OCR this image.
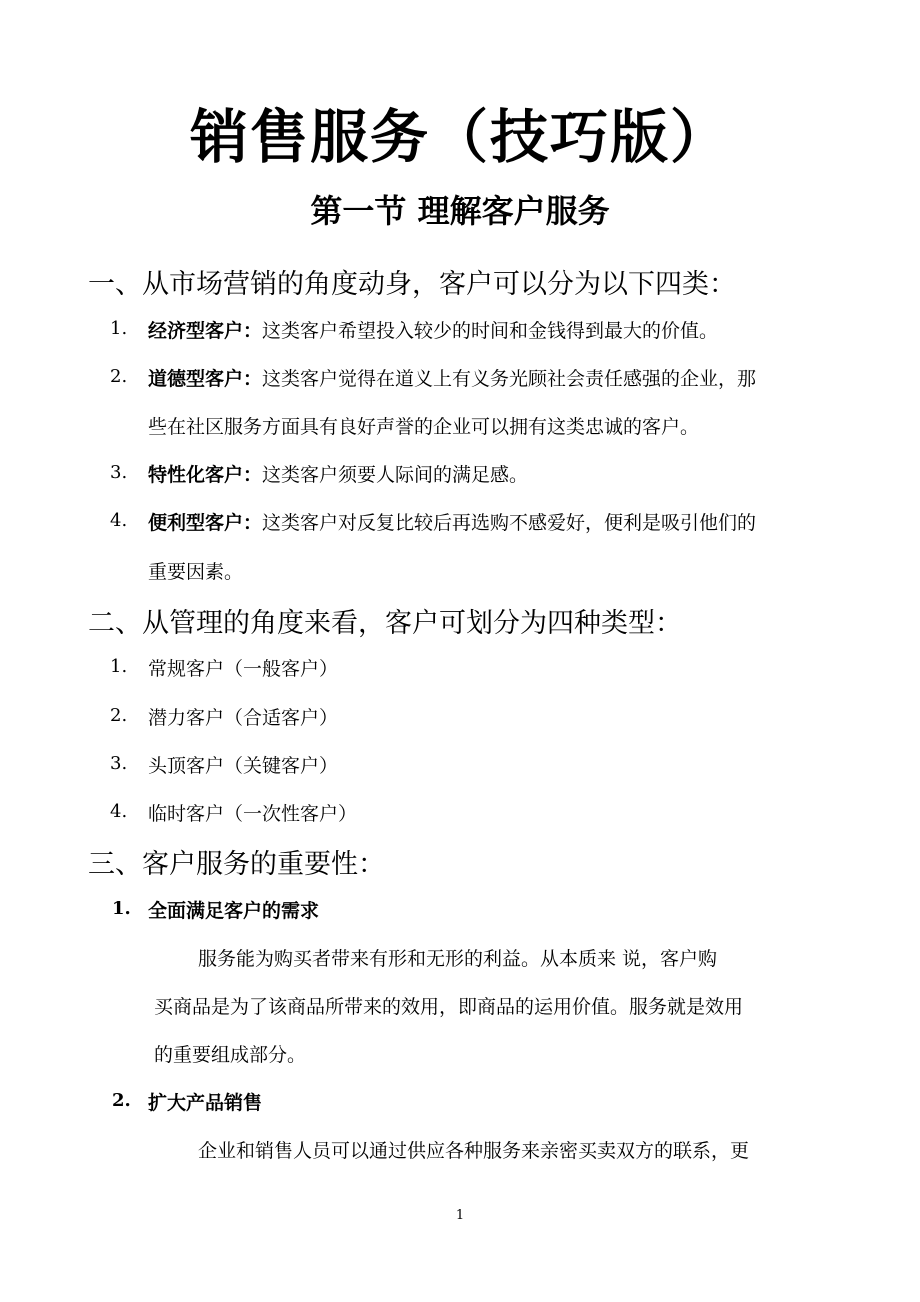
销售服务（技巧版）
第一节 理解客户服务
一、从市场营销的角度动身，客户可以分为以下四类：
1. 经济型客户：这类客户希望投入较少的时间和金钱得到最大的价值。
2. 道德型客户：这类客户觉得在道义上有义务光顾社会责任感强的企业，那
些在社区服务方面具有良好声誉的企业可以拥有这类忠诚的客户。
3. 特性化客户：这类客户须要人际间的满足感。
4. 便利型客户：这类客户对反复比较后再选购不感爱好，便利是吸引他们的
重要因素。
二、从管理的角度来看，客户可划分为四种类型：
1. 常规客户（一般客户）
2. 潜力客户（合适客户）
3. 头顶客户（关键客户）
4. 临时客户（一次性客户）
三、客户服务的重要性：
1. 全面满足客户的需求
服务能为购买者带来有形和无形的利益。从本质来 说，客户购
买商品是为了该商品所带来的效用，即商品的运用价值。服务就是效用
的重要组成部分。
2. 扩大产品销售
企业和销售人员可以通过供应各种服务来亲密买卖双方的联系，更
1
